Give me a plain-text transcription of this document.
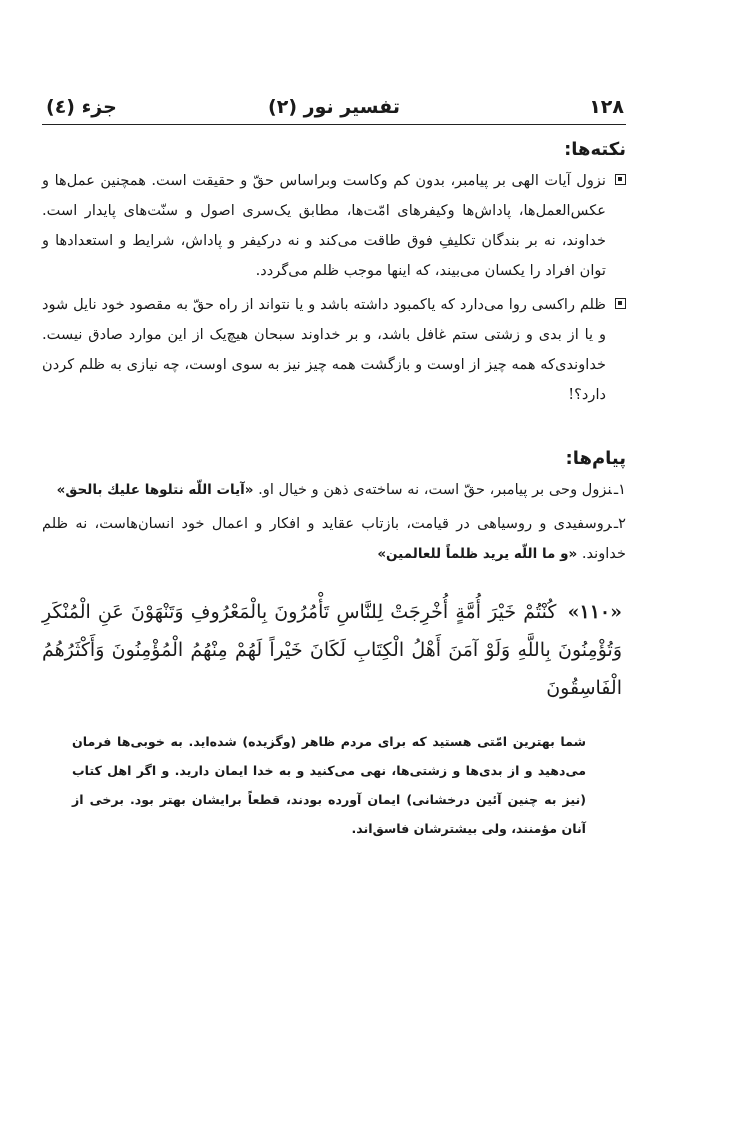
۱۲۸
تفسیر نور (۲)
جزء (٤)
نکته‌ها:

نزول آیات الهی بر پیامبر، بدون کم وکاست وبراساس حقّ و حقیقت است. همچنین عمل‌ها و عکس‌العمل‌ها، پاداش‌ها وکیفرهای امّت‌ها، مطابق یک‌سری اصول و سنّت‌های پایدار است. خداوند، نه بر بندگان تکلیفِ فوق طاقت می‌کند و نه درکیفر و پاداش، شرایط و استعدادها و توان افراد را یکسان می‌بیند، که اینها موجب ظلم می‌گردد.

ظلم راکسی روا می‌دارد که یاکمبود داشته باشد و یا نتواند از راه حقّ به مقصود خود نایل شود و یا از بدی و زشتی ستم غافل باشد، و بر خداوند سبحان هیچ‌یک از این موارد صادق نیست. خداوندی‌که همه چیز از اوست و بازگشت همه چیز نیز به سوی اوست، چه نیازی به ظلم کردن دارد؟!

پیام‌ها:

۱ـنزول وحی بر پیامبر، حقّ است، نه ساخته‌ی ذهن و خیال او. «آیات اللّه نتلوها علیك بالحق»

۲ـروسفیدی و روسیاهی در قیامت، بازتاب عقاید و افکار و اعمال خود انسان‌هاست، نه ظلم خداوند. «و ما اللّه یرید ظلماً للعالمین»

«۱۱۰» كُنْتُمْ خَيْرَ أُمَّةٍ أُخْرِجَتْ لِلنَّاسِ تَأْمُرُونَ بِالْمَعْرُوفِ وَتَنْهَوْنَ عَنِ الْمُنْكَرِ وَتُؤْمِنُونَ بِاللَّهِ وَلَوْ آمَنَ أَهْلُ الْكِتَابِ لَكَانَ خَيْراً لَهُمْ مِنْهُمُ الْمُؤْمِنُونَ وَأَكْثَرُهُمُ الْفَاسِقُونَ

شما بهترین امّتی هستید که برای مردم ظاهر (وگزیده) شده‌اید. به خوبی‌ها فرمان می‌دهید و از بدی‌ها و زشتی‌ها، نهی می‌کنید و به خدا ایمان دارید. و اگر اهل کتاب (نیز به چنین آئین درخشانی) ایمان آورده بودند، قطعاً برایشان بهتر بود. برخی از آنان مؤمنند، ولی بیشترشان فاسق‌اند.
